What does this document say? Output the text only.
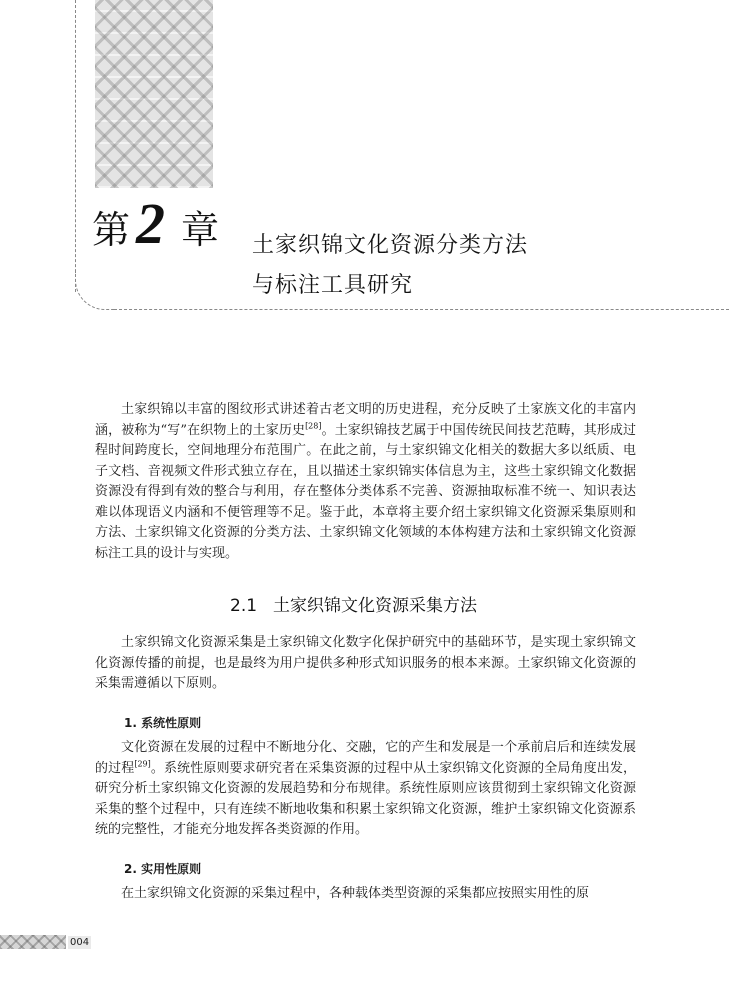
第 2 章 土家织锦文化资源分类方法
与标注工具研究

土家织锦以丰富的图纹形式讲述着古老文明的历史进程，充分反映了土家族文化的丰富内涵，被称为“写”在织物上的土家历史[28]。土家织锦技艺属于中国传统民间技艺范畴，其形成过程时间跨度长，空间地理分布范围广。在此之前，与土家织锦文化相关的数据大多以纸质、电子文档、音视频文件形式独立存在，且以描述土家织锦实体信息为主，这些土家织锦文化数据资源没有得到有效的整合与利用，存在整体分类体系不完善、资源抽取标准不统一、知识表达难以体现语义内涵和不便管理等不足。鉴于此，本章将主要介绍土家织锦文化资源采集原则和方法、土家织锦文化资源的分类方法、土家织锦文化领域的本体构建方法和土家织锦文化资源标注工具的设计与实现。

2.1 土家织锦文化资源采集方法

土家织锦文化资源采集是土家织锦文化数字化保护研究中的基础环节，是实现土家织锦文化资源传播的前提，也是最终为用户提供多种形式知识服务的根本来源。土家织锦文化资源的采集需遵循以下原则。

1. 系统性原则

文化资源在发展的过程中不断地分化、交融，它的产生和发展是一个承前启后和连续发展的过程[29]。系统性原则要求研究者在采集资源的过程中从土家织锦文化资源的全局角度出发，研究分析土家织锦文化资源的发展趋势和分布规律。系统性原则应该贯彻到土家织锦文化资源采集的整个过程中，只有连续不断地收集和积累土家织锦文化资源，维护土家织锦文化资源系统的完整性，才能充分地发挥各类资源的作用。

2. 实用性原则

在土家织锦文化资源的采集过程中，各种载体类型资源的采集都应按照实用性的原

004
